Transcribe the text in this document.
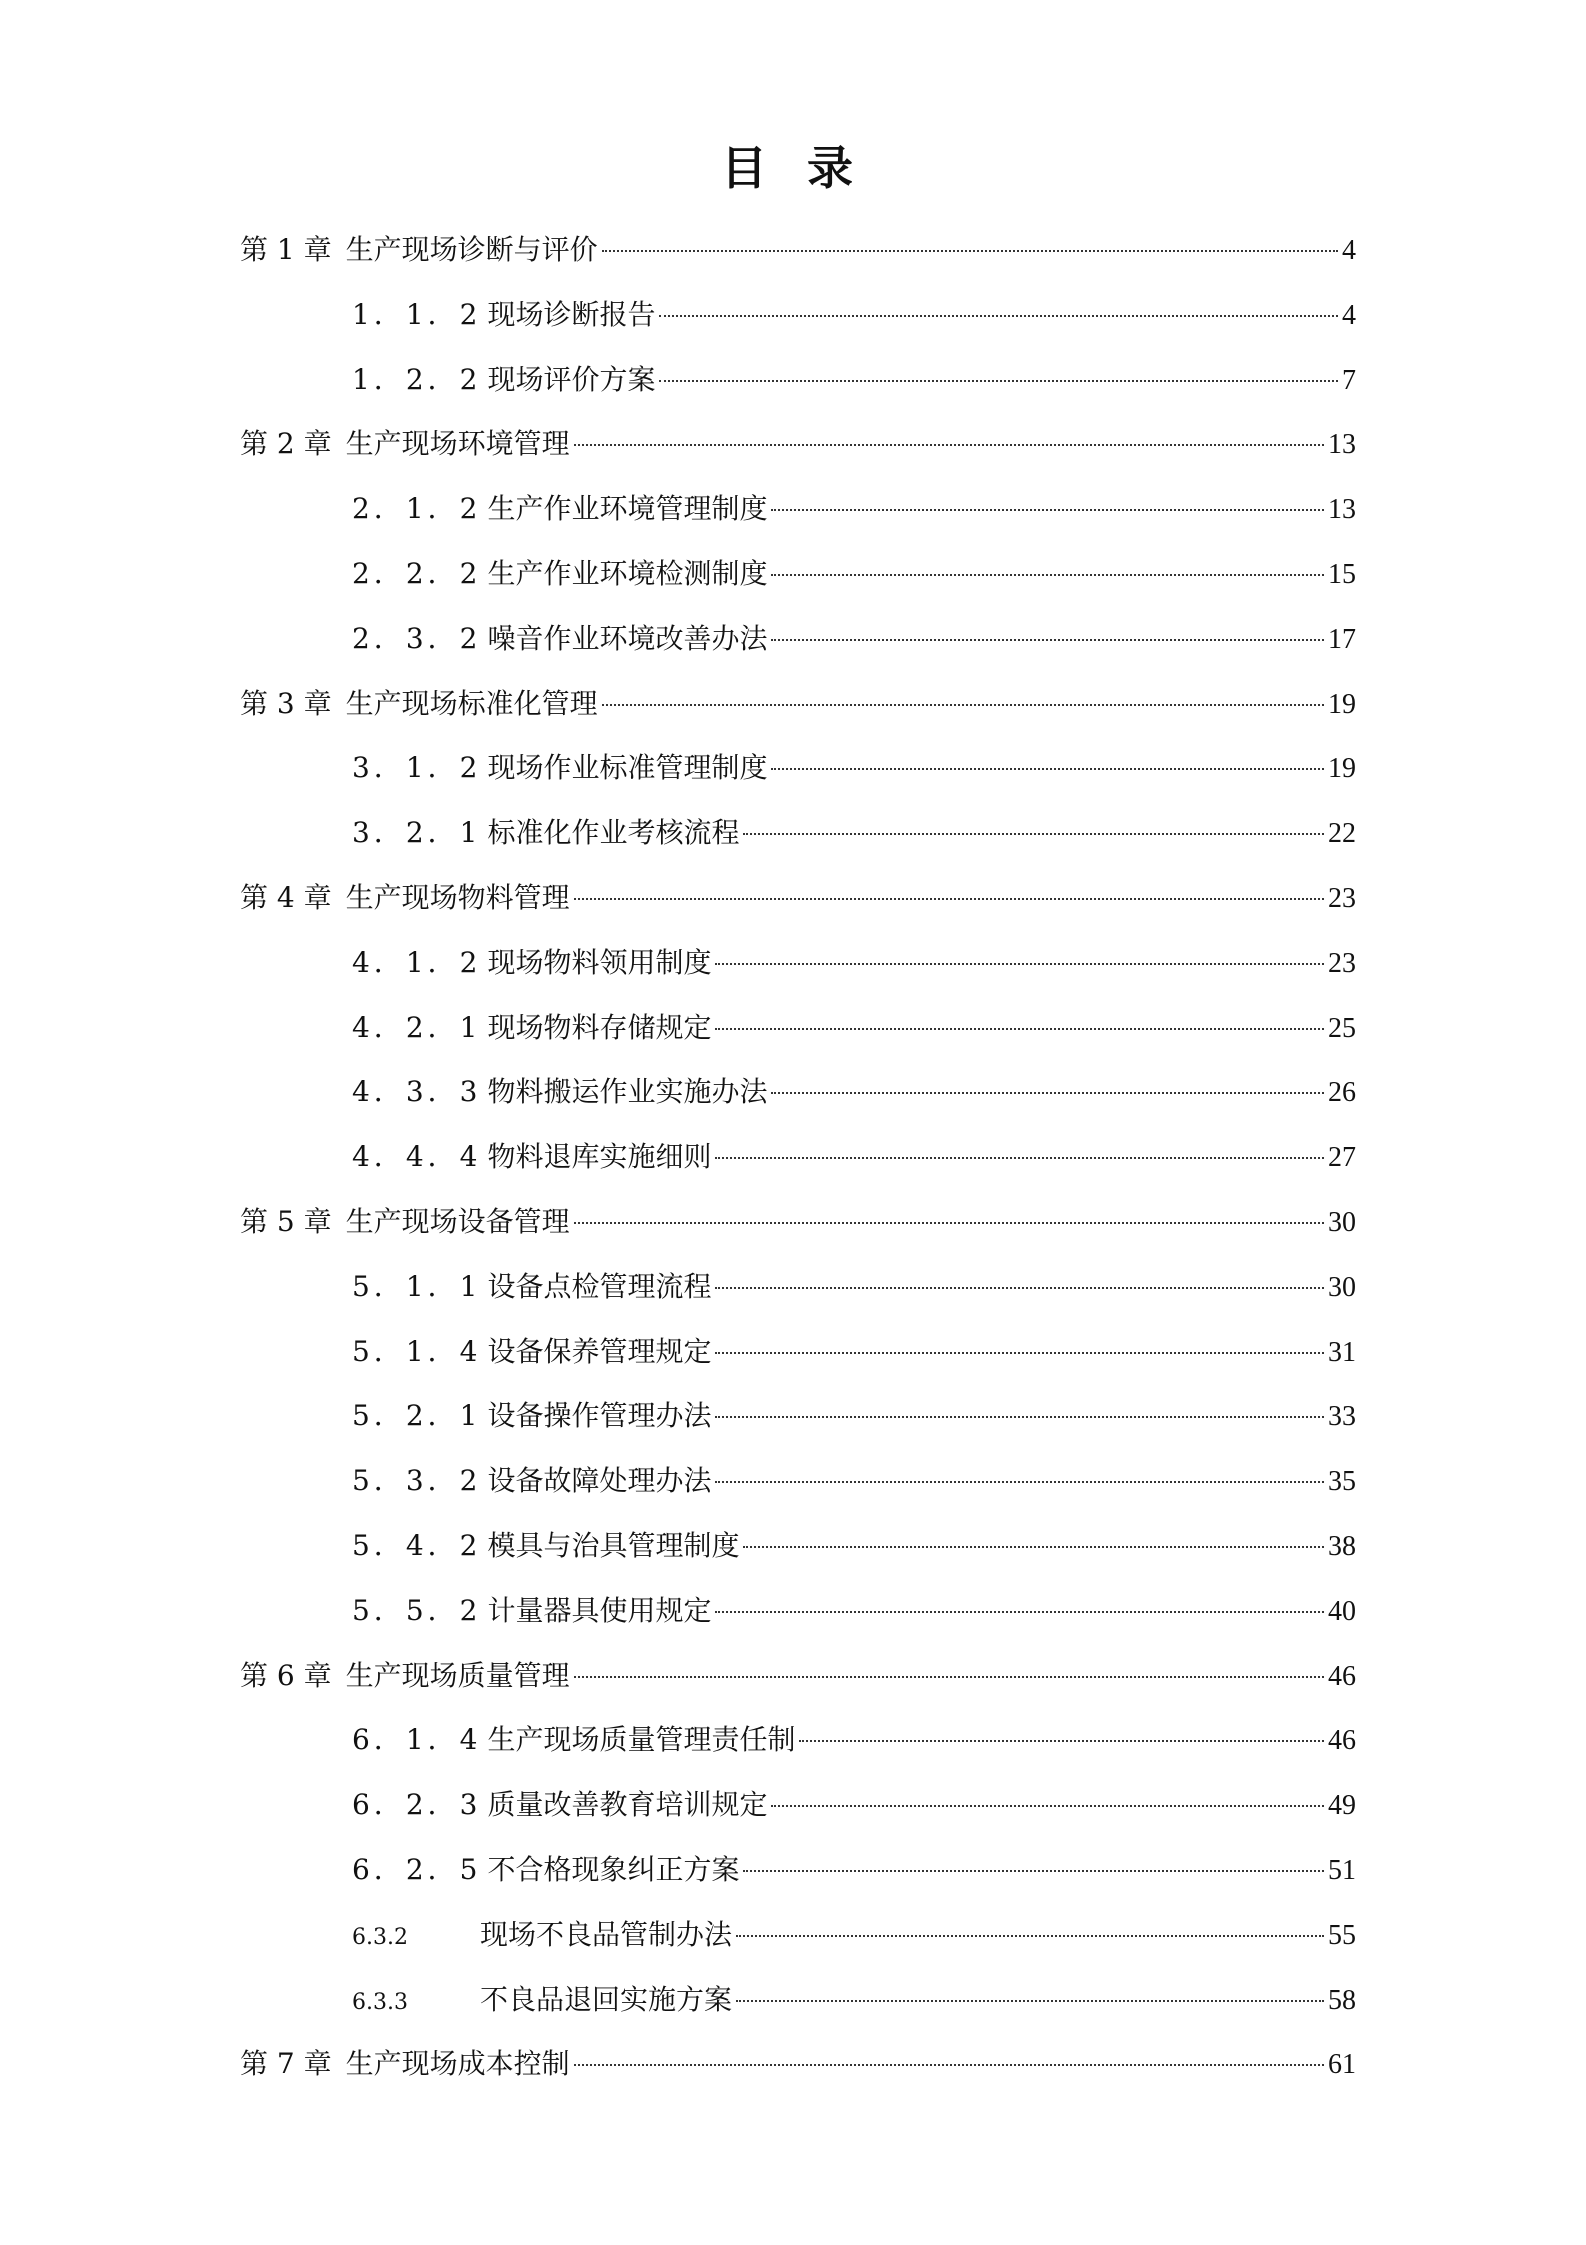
目 录
第 1 章 生产现场诊断与评价	4
1．1．2 现场诊断报告	4
1．2．2 现场评价方案	7
第 2 章 生产现场环境管理	13
2．1．2 生产作业环境管理制度	13
2．2．2 生产作业环境检测制度	15
2．3．2 噪音作业环境改善办法	17
第 3 章 生产现场标准化管理	19
3．1．2 现场作业标准管理制度	19
3．2．1 标准化作业考核流程	22
第 4 章 生产现场物料管理	23
4．1．2 现场物料领用制度	23
4．2．1 现场物料存储规定	25
4．3．3 物料搬运作业实施办法	26
4．4．4 物料退库实施细则	27
第 5 章 生产现场设备管理	30
5．1．1 设备点检管理流程	30
5．1．4 设备保养管理规定	31
5．2．1 设备操作管理办法	33
5．3．2 设备故障处理办法	35
5．4．2 模具与治具管理制度	38
5．5．2 计量器具使用规定	40
第 6 章 生产现场质量管理	46
6．1．4 生产现场质量管理责任制	46
6．2．3 质量改善教育培训规定	49
6．2．5 不合格现象纠正方案	51
6.3.2	现场不良品管制办法	55
6.3.3	不良品退回实施方案	58
第 7 章 生产现场成本控制	61
